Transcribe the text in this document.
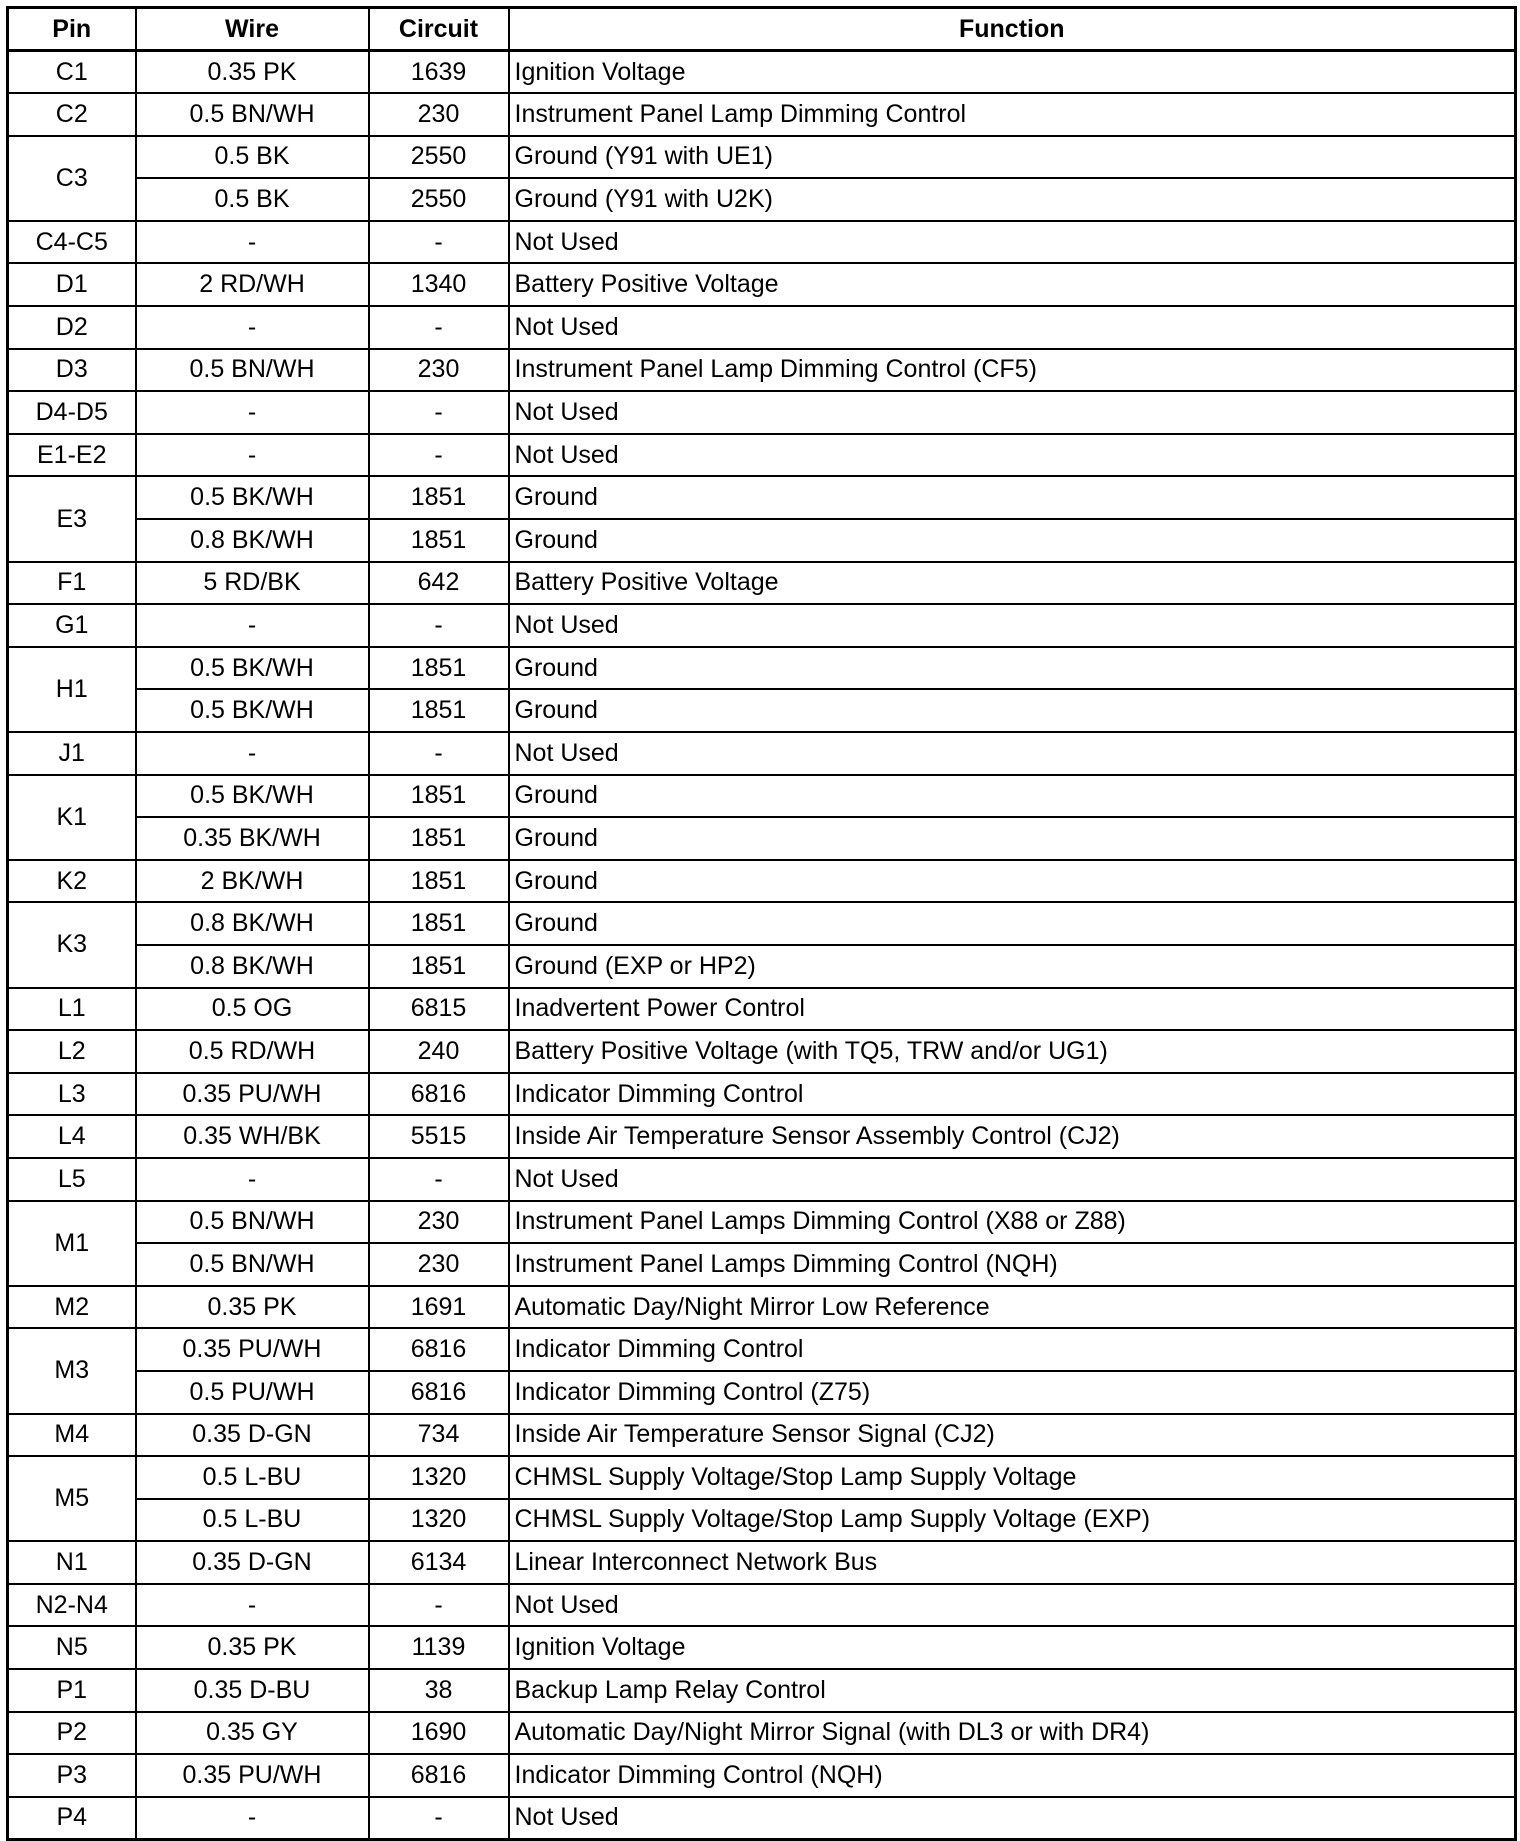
Pin	Wire	Circuit	Function
C1	0.35 PK	1639	Ignition Voltage
C2	0.5 BN/WH	230	Instrument Panel Lamp Dimming Control
C3	0.5 BK	2550	Ground (Y91 with UE1)
	0.5 BK	2550	Ground (Y91 with U2K)
C4-C5	-	-	Not Used
D1	2 RD/WH	1340	Battery Positive Voltage
D2	-	-	Not Used
D3	0.5 BN/WH	230	Instrument Panel Lamp Dimming Control (CF5)
D4-D5	-	-	Not Used
E1-E2	-	-	Not Used
E3	0.5 BK/WH	1851	Ground
	0.8 BK/WH	1851	Ground
F1	5 RD/BK	642	Battery Positive Voltage
G1	-	-	Not Used
H1	0.5 BK/WH	1851	Ground
	0.5 BK/WH	1851	Ground
J1	-	-	Not Used
K1	0.5 BK/WH	1851	Ground
	0.35 BK/WH	1851	Ground
K2	2 BK/WH	1851	Ground
K3	0.8 BK/WH	1851	Ground
	0.8 BK/WH	1851	Ground (EXP or HP2)
L1	0.5 OG	6815	Inadvertent Power Control
L2	0.5 RD/WH	240	Battery Positive Voltage (with TQ5, TRW and/or UG1)
L3	0.35 PU/WH	6816	Indicator Dimming Control
L4	0.35 WH/BK	5515	Inside Air Temperature Sensor Assembly Control (CJ2)
L5	-	-	Not Used
M1	0.5 BN/WH	230	Instrument Panel Lamps Dimming Control (X88 or Z88)
	0.5 BN/WH	230	Instrument Panel Lamps Dimming Control (NQH)
M2	0.35 PK	1691	Automatic Day/Night Mirror Low Reference
M3	0.35 PU/WH	6816	Indicator Dimming Control
	0.5 PU/WH	6816	Indicator Dimming Control (Z75)
M4	0.35 D-GN	734	Inside Air Temperature Sensor Signal (CJ2)
M5	0.5 L-BU	1320	CHMSL Supply Voltage/Stop Lamp Supply Voltage
	0.5 L-BU	1320	CHMSL Supply Voltage/Stop Lamp Supply Voltage (EXP)
N1	0.35 D-GN	6134	Linear Interconnect Network Bus
N2-N4	-	-	Not Used
N5	0.35 PK	1139	Ignition Voltage
P1	0.35 D-BU	38	Backup Lamp Relay Control
P2	0.35 GY	1690	Automatic Day/Night Mirror Signal (with DL3 or with DR4)
P3	0.35 PU/WH	6816	Indicator Dimming Control (NQH)
P4	-	-	Not Used
